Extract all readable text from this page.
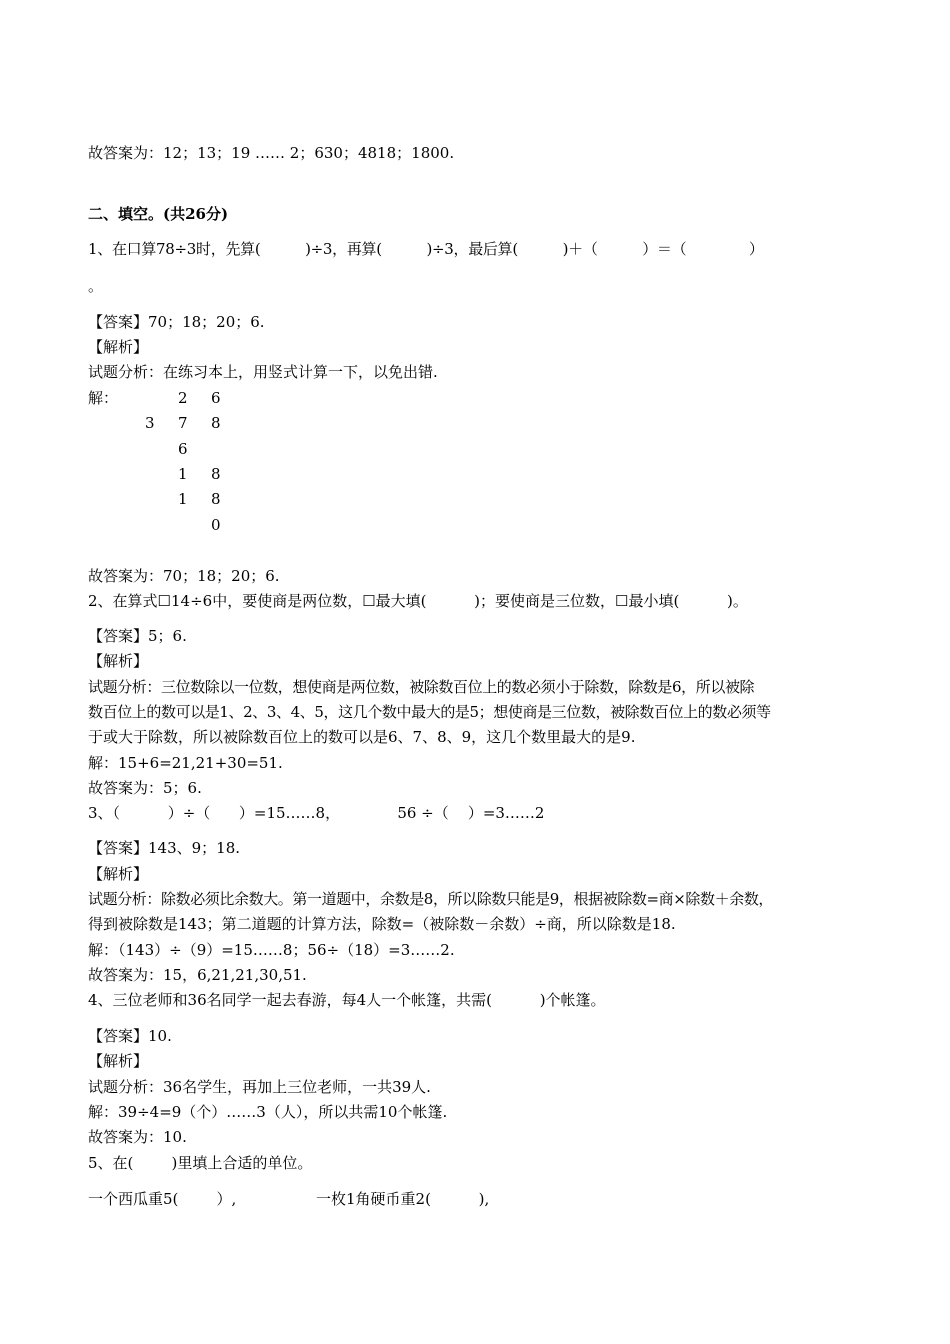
故答案为：12；13；19 …… 2；630；4818；1800.
二、填空。(共26分)
1、在口算78÷3时，先算(          )÷3，再算(          )÷3，最后算(          )＋（          ）＝（              ）
。
【答案】70；18；20；6.
【解析】
试题分析：在练习本上，用竖式计算一下，以免出错.
解：	2 6
3 7 8
6
1 8
1 8
0
故答案为：70；18；20；6.
2、在算式☐14÷6中，要使商是两位数，☐最大填(          )；要使商是三位数，☐最小填(          )。
【答案】5；6.
【解析】
试题分析：三位数除以一位数，想使商是两位数，被除数百位上的数必须小于除数，除数是6，所以被除
数百位上的数可以是1、2、3、4、5，这几个数中最大的是5；想使商是三位数，被除数百位上的数必须等
于或大于除数，所以被除数百位上的数可以是6、7、8、9，这几个数里最大的是9.
解：15+6=21,21+30=51.
故答案为：5；6.
3、（          ）÷（      ）=15……8，            56 ÷（    ）=3……2
【答案】143、9；18.
【解析】
试题分析：除数必须比余数大。第一道题中，余数是8，所以除数只能是9，根据被除数=商×除数＋余数，
得到被除数是143；第二道题的计算方法，除数=（被除数－余数）÷商，所以除数是18.
解：（143）÷（9）=15……8；56÷（18）=3……2.
故答案为：15，6,21,21,30,51.
4、三位老师和36名同学一起去春游，每4人一个帐篷，共需(          )个帐篷。
【答案】10.
【解析】
试题分析：36名学生，再加上三位老师，一共39人.
解：39÷4=9（个）……3（人），所以共需10个帐篷.
故答案为：10.
5、在(        )里填上合适的单位。
一个西瓜重5(        ）,	一枚1角硬币重2(          ),
